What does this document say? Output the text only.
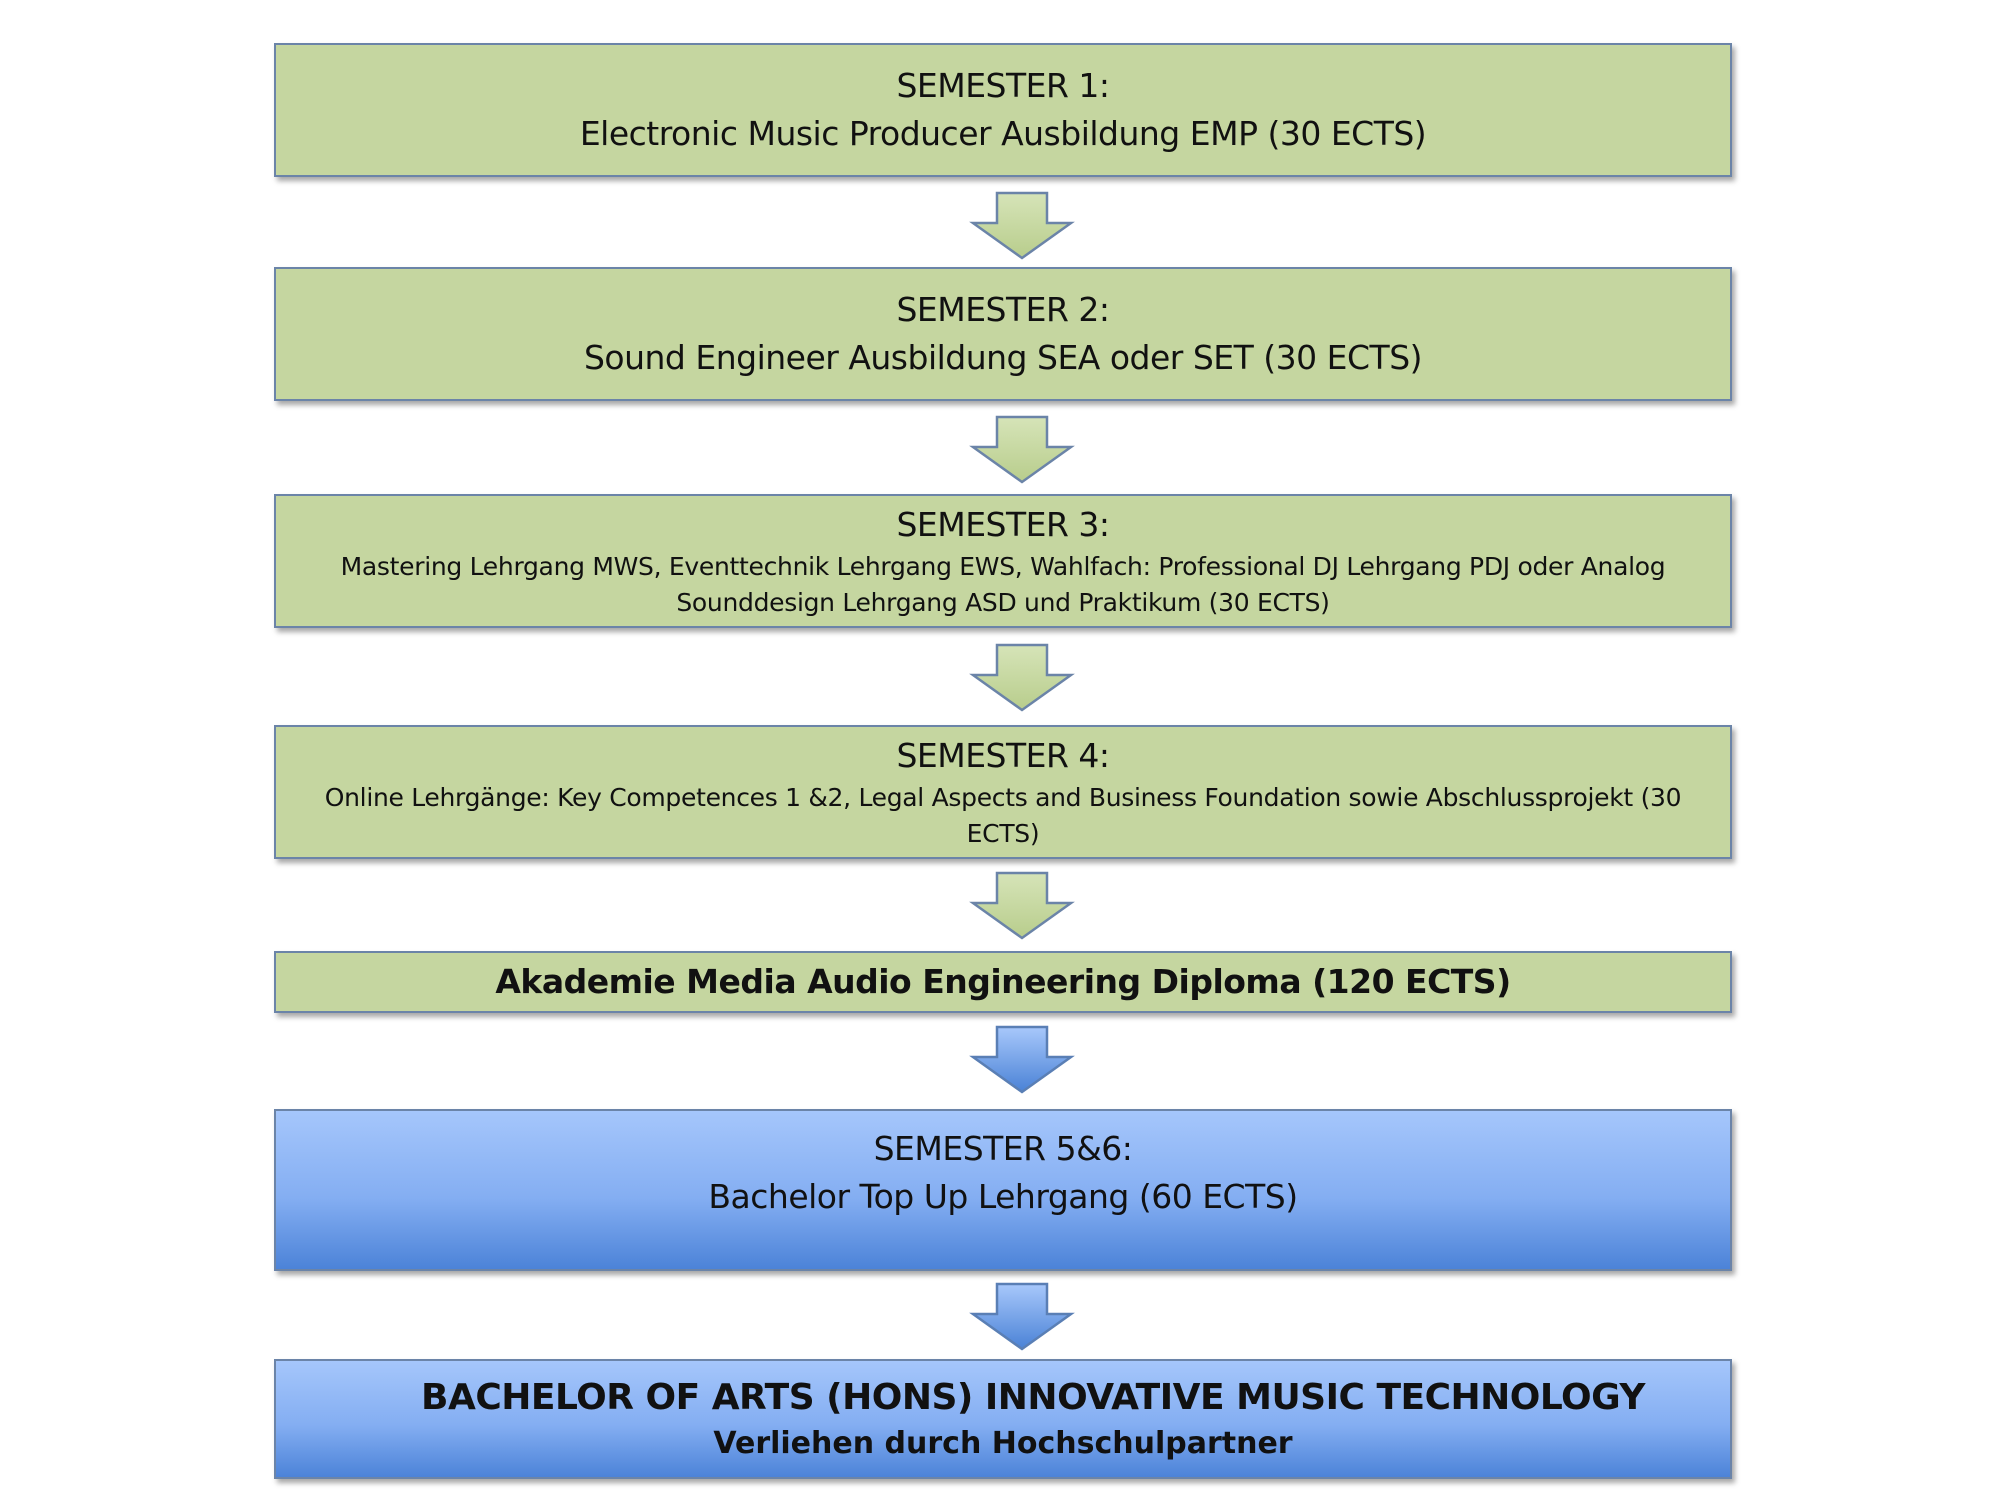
SEMESTER 1:
Electronic Music Producer Ausbildung EMP (30 ECTS)
SEMESTER 2:
Sound Engineer Ausbildung SEA oder SET (30 ECTS)
SEMESTER 3:
Mastering Lehrgang MWS, Eventtechnik Lehrgang EWS, Wahlfach: Professional DJ Lehrgang PDJ oder Analog
Sounddesign Lehrgang ASD und Praktikum (30 ECTS)
SEMESTER 4:
Online Lehrgänge: Key Competences 1 &2, Legal Aspects and Business Foundation sowie Abschlussprojekt (30
ECTS)
Akademie Media Audio Engineering Diploma (120 ECTS)
SEMESTER 5&6:
Bachelor Top Up Lehrgang (60 ECTS)
BACHELOR OF ARTS (HONS) INNOVATIVE MUSIC TECHNOLOGY
Verliehen durch Hochschulpartner
